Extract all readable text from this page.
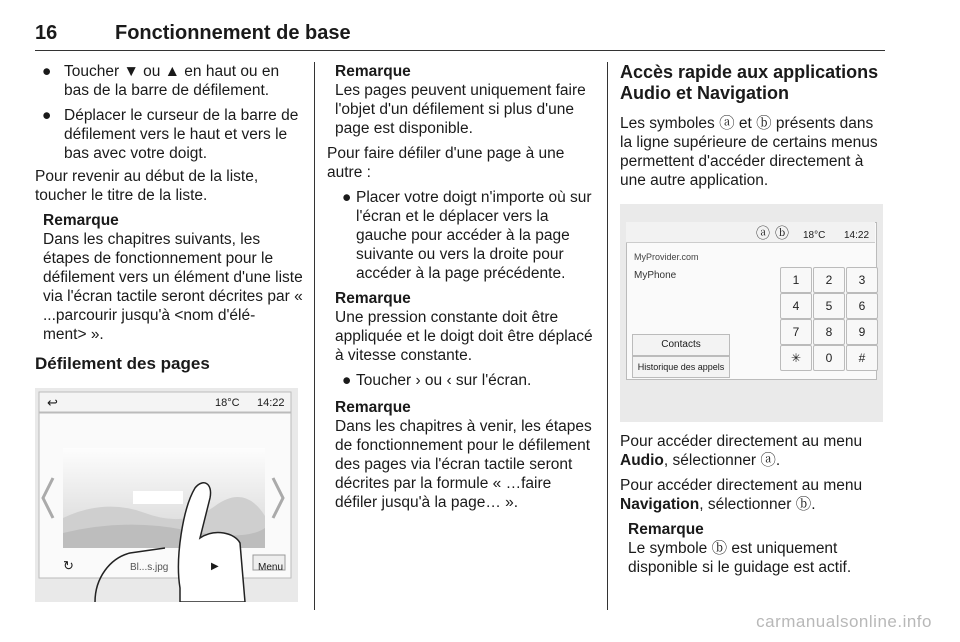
16	Fonctionnement de base
● Toucher ▼ ou ▲ en haut ou en bas de la barre de défilement.
● Déplacer le curseur de la barre de défilement vers le haut et vers le bas avec votre doigt.

Pour revenir au début de la liste, toucher le titre de la liste.

Remarque
Dans les chapitres suivants, les étapes de fonctionnement pour le défilement vers un élément d'une liste via l'écran tactile seront décrites par « ...parcourir jusqu'à <nom d'élé- ment> ».
Défilement des pages
↩	18°C 14:22
↻	Bl...s.jpg	▶	Menu
Remarque
Les pages peuvent uniquement faire l'objet d'un défilement si plus d'une page est disponible.

Pour faire défiler d'une page à une autre :

● Placer votre doigt n'importe où sur l'écran et le déplacer vers la gauche pour accéder à la page suivante ou vers la droite pour accéder à la page précédente.
Remarque
Une pression constante doit être appliquée et le doigt doit être déplacé à vitesse constante.
● Toucher › ou ‹ sur l'écran.
Remarque
Dans les chapitres à venir, les étapes de fonctionnement pour le défilement des pages via l'écran tactile seront décrites par la formule « …faire défiler jusqu'à la page… ».
Accès rapide aux applications Audio et Navigation

Les symboles ⓐ et ⓑ présents dans la ligne supérieure de certains menus permettent d'accéder directement à une autre application.

ⓐ ⓑ 18°C 14:22
MyProvider.com
MyPhone
Contacts
Historique des appels
1	2	3
4	5	6
7	8	9
✳	0	#

Pour accéder directement au menu Audio, sélectionner ⓐ.

Pour accéder directement au menu Navigation, sélectionner ⓑ.

Remarque
Le symbole ⓑ est uniquement disponible si le guidage est actif.
carmanualsonline.info
